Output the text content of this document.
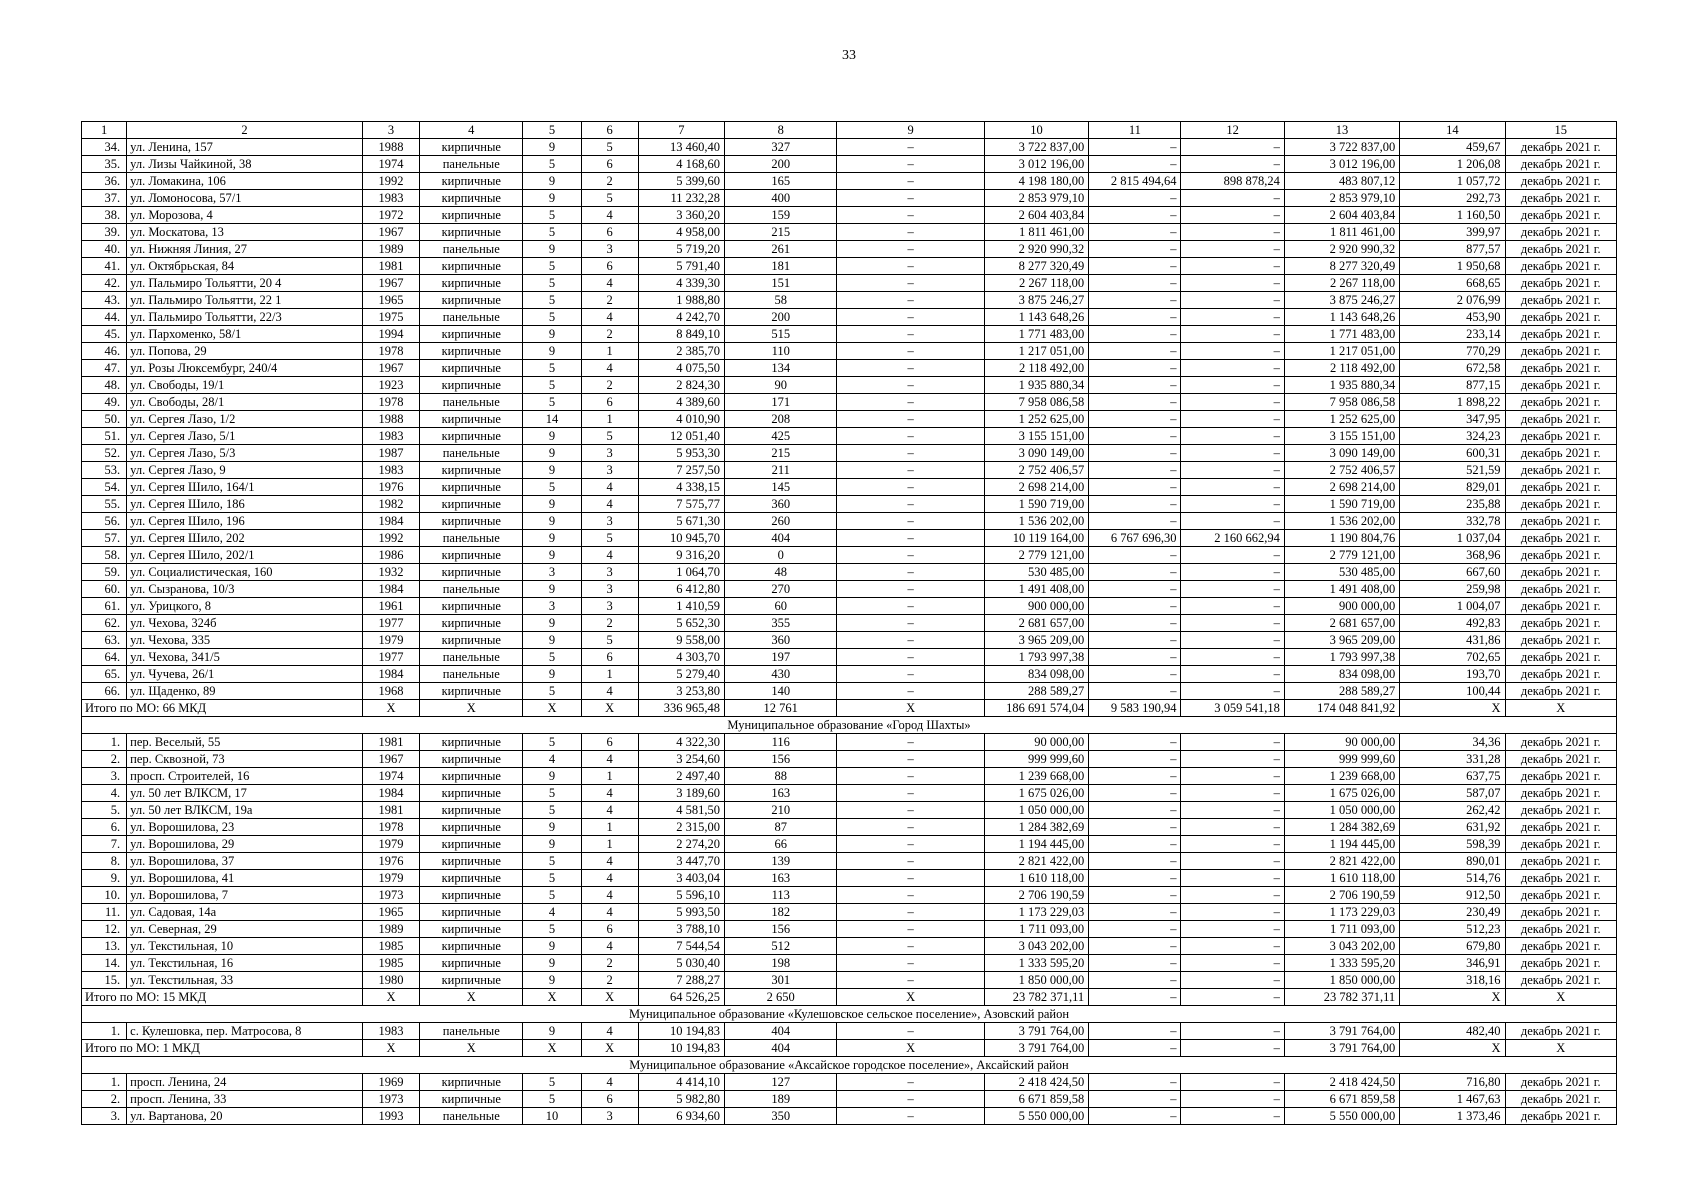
33
1	2	3	4	5	6	7	8	9	10	11	12	13	14	15
34.	ул. Ленина, 157	1988	кирпичные	9	5	13 460,40	327	–	3 722 837,00	–	–	3 722 837,00	459,67	декабрь 2021 г.
35.	ул. Лизы Чайкиной, 38	1974	панельные	5	6	4 168,60	200	–	3 012 196,00	–	–	3 012 196,00	1 206,08	декабрь 2021 г.
36.	ул. Ломакина, 106	1992	кирпичные	9	2	5 399,60	165	–	4 198 180,00	2 815 494,64	898 878,24	483 807,12	1 057,72	декабрь 2021 г.
37.	ул. Ломоносова, 57/1	1983	кирпичные	9	5	11 232,28	400	–	2 853 979,10	–	–	2 853 979,10	292,73	декабрь 2021 г.
38.	ул. Морозова, 4	1972	кирпичные	5	4	3 360,20	159	–	2 604 403,84	–	–	2 604 403,84	1 160,50	декабрь 2021 г.
39.	ул. Москатова, 13	1967	кирпичные	5	6	4 958,00	215	–	1 811 461,00	–	–	1 811 461,00	399,97	декабрь 2021 г.
40.	ул. Нижняя Линия, 27	1989	панельные	9	3	5 719,20	261	–	2 920 990,32	–	–	2 920 990,32	877,57	декабрь 2021 г.
41.	ул. Октябрьская, 84	1981	кирпичные	5	6	5 791,40	181	–	8 277 320,49	–	–	8 277 320,49	1 950,68	декабрь 2021 г.
42.	ул. Пальмиро Тольятти, 20 4	1967	кирпичные	5	4	4 339,30	151	–	2 267 118,00	–	–	2 267 118,00	668,65	декабрь 2021 г.
43.	ул. Пальмиро Тольятти, 22 1	1965	кирпичные	5	2	1 988,80	58	–	3 875 246,27	–	–	3 875 246,27	2 076,99	декабрь 2021 г.
44.	ул. Пальмиро Тольятти, 22/3	1975	панельные	5	4	4 242,70	200	–	1 143 648,26	–	–	1 143 648,26	453,90	декабрь 2021 г.
45.	ул. Пархоменко, 58/1	1994	кирпичные	9	2	8 849,10	515	–	1 771 483,00	–	–	1 771 483,00	233,14	декабрь 2021 г.
46.	ул. Попова, 29	1978	кирпичные	9	1	2 385,70	110	–	1 217 051,00	–	–	1 217 051,00	770,29	декабрь 2021 г.
47.	ул. Розы Люксембург, 240/4	1967	кирпичные	5	4	4 075,50	134	–	2 118 492,00	–	–	2 118 492,00	672,58	декабрь 2021 г.
48.	ул. Свободы, 19/1	1923	кирпичные	5	2	2 824,30	90	–	1 935 880,34	–	–	1 935 880,34	877,15	декабрь 2021 г.
49.	ул. Свободы, 28/1	1978	панельные	5	6	4 389,60	171	–	7 958 086,58	–	–	7 958 086,58	1 898,22	декабрь 2021 г.
50.	ул. Сергея Лазо, 1/2	1988	кирпичные	14	1	4 010,90	208	–	1 252 625,00	–	–	1 252 625,00	347,95	декабрь 2021 г.
51.	ул. Сергея Лазо, 5/1	1983	кирпичные	9	5	12 051,40	425	–	3 155 151,00	–	–	3 155 151,00	324,23	декабрь 2021 г.
52.	ул. Сергея Лазо, 5/3	1987	панельные	9	3	5 953,30	215	–	3 090 149,00	–	–	3 090 149,00	600,31	декабрь 2021 г.
53.	ул. Сергея Лазо, 9	1983	кирпичные	9	3	7 257,50	211	–	2 752 406,57	–	–	2 752 406,57	521,59	декабрь 2021 г.
54.	ул. Сергея Шило, 164/1	1976	кирпичные	5	4	4 338,15	145	–	2 698 214,00	–	–	2 698 214,00	829,01	декабрь 2021 г.
55.	ул. Сергея Шило, 186	1982	кирпичные	9	4	7 575,77	360	–	1 590 719,00	–	–	1 590 719,00	235,88	декабрь 2021 г.
56.	ул. Сергея Шило, 196	1984	кирпичные	9	3	5 671,30	260	–	1 536 202,00	–	–	1 536 202,00	332,78	декабрь 2021 г.
57.	ул. Сергея Шило, 202	1992	панельные	9	5	10 945,70	404	–	10 119 164,00	6 767 696,30	2 160 662,94	1 190 804,76	1 037,04	декабрь 2021 г.
58.	ул. Сергея Шило, 202/1	1986	кирпичные	9	4	9 316,20	0	–	2 779 121,00	–	–	2 779 121,00	368,96	декабрь 2021 г.
59.	ул. Социалистическая, 160	1932	кирпичные	3	3	1 064,70	48	–	530 485,00	–	–	530 485,00	667,60	декабрь 2021 г.
60.	ул. Сызранова, 10/3	1984	панельные	9	3	6 412,80	270	–	1 491 408,00	–	–	1 491 408,00	259,98	декабрь 2021 г.
61.	ул. Урицкого, 8	1961	кирпичные	3	3	1 410,59	60	–	900 000,00	–	–	900 000,00	1 004,07	декабрь 2021 г.
62.	ул. Чехова, 324б	1977	кирпичные	9	2	5 652,30	355	–	2 681 657,00	–	–	2 681 657,00	492,83	декабрь 2021 г.
63.	ул. Чехова, 335	1979	кирпичные	9	5	9 558,00	360	–	3 965 209,00	–	–	3 965 209,00	431,86	декабрь 2021 г.
64.	ул. Чехова, 341/5	1977	панельные	5	6	4 303,70	197	–	1 793 997,38	–	–	1 793 997,38	702,65	декабрь 2021 г.
65.	ул. Чучева, 26/1	1984	панельные	9	1	5 279,40	430	–	834 098,00	–	–	834 098,00	193,70	декабрь 2021 г.
66.	ул. Щаденко, 89	1968	кирпичные	5	4	3 253,80	140	–	288 589,27	–	–	288 589,27	100,44	декабрь 2021 г.
Итого по МО: 66 МКД		X	X	X	X	336 965,48	12 761	X	186 691 574,04	9 583 190,94	3 059 541,18	174 048 841,92	X	X
Муниципальное образование «Город Шахты»														
1.	пер. Веселый, 55	1981	кирпичные	5	6	4 322,30	116	–	90 000,00	–	–	90 000,00	34,36	декабрь 2021 г.
2.	пер. Сквозной, 73	1967	кирпичные	4	4	3 254,60	156	–	999 999,60	–	–	999 999,60	331,28	декабрь 2021 г.
3.	просп. Строителей, 16	1974	кирпичные	9	1	2 497,40	88	–	1 239 668,00	–	–	1 239 668,00	637,75	декабрь 2021 г.
4.	ул. 50 лет ВЛКСМ, 17	1984	кирпичные	5	4	3 189,60	163	–	1 675 026,00	–	–	1 675 026,00	587,07	декабрь 2021 г.
5.	ул. 50 лет ВЛКСМ, 19а	1981	кирпичные	5	4	4 581,50	210	–	1 050 000,00	–	–	1 050 000,00	262,42	декабрь 2021 г.
6.	ул. Ворошилова, 23	1978	кирпичные	9	1	2 315,00	87	–	1 284 382,69	–	–	1 284 382,69	631,92	декабрь 2021 г.
7.	ул. Ворошилова, 29	1979	кирпичные	9	1	2 274,20	66	–	1 194 445,00	–	–	1 194 445,00	598,39	декабрь 2021 г.
8.	ул. Ворошилова, 37	1976	кирпичные	5	4	3 447,70	139	–	2 821 422,00	–	–	2 821 422,00	890,01	декабрь 2021 г.
9.	ул. Ворошилова, 41	1979	кирпичные	5	4	3 403,04	163	–	1 610 118,00	–	–	1 610 118,00	514,76	декабрь 2021 г.
10.	ул. Ворошилова, 7	1973	кирпичные	5	4	5 596,10	113	–	2 706 190,59	–	–	2 706 190,59	912,50	декабрь 2021 г.
11.	ул. Садовая, 14а	1965	кирпичные	4	4	5 993,50	182	–	1 173 229,03	–	–	1 173 229,03	230,49	декабрь 2021 г.
12.	ул. Северная, 29	1989	кирпичные	5	6	3 788,10	156	–	1 711 093,00	–	–	1 711 093,00	512,23	декабрь 2021 г.
13.	ул. Текстильная, 10	1985	кирпичные	9	4	7 544,54	512	–	3 043 202,00	–	–	3 043 202,00	679,80	декабрь 2021 г.
14.	ул. Текстильная, 16	1985	кирпичные	9	2	5 030,40	198	–	1 333 595,20	–	–	1 333 595,20	346,91	декабрь 2021 г.
15.	ул. Текстильная, 33	1980	кирпичные	9	2	7 288,27	301	–	1 850 000,00	–	–	1 850 000,00	318,16	декабрь 2021 г.
Итого по МО: 15 МКД		X	X	X	X	64 526,25	2 650	X	23 782 371,11	–	–	23 782 371,11	X	X
Муниципальное образование «Кулешовское сельское поселение», Азовский район														
1.	с. Кулешовка, пер. Матросова, 8	1983	панельные	9	4	10 194,83	404	–	3 791 764,00	–	–	3 791 764,00	482,40	декабрь 2021 г.
Итого по МО: 1 МКД		X	X	X	X	10 194,83	404	X	3 791 764,00	–	–	3 791 764,00	X	X
Муниципальное образование «Аксайское городское поселение», Аксайский район														
1.	просп. Ленина, 24	1969	кирпичные	5	4	4 414,10	127	–	2 418 424,50	–	–	2 418 424,50	716,80	декабрь 2021 г.
2.	просп. Ленина, 33	1973	кирпичные	5	6	5 982,80	189	–	6 671 859,58	–	–	6 671 859,58	1 467,63	декабрь 2021 г.
3.	ул. Вартанова, 20	1993	панельные	10	3	6 934,60	350	–	5 550 000,00	–	–	5 550 000,00	1 373,46	декабрь 2021 г.
